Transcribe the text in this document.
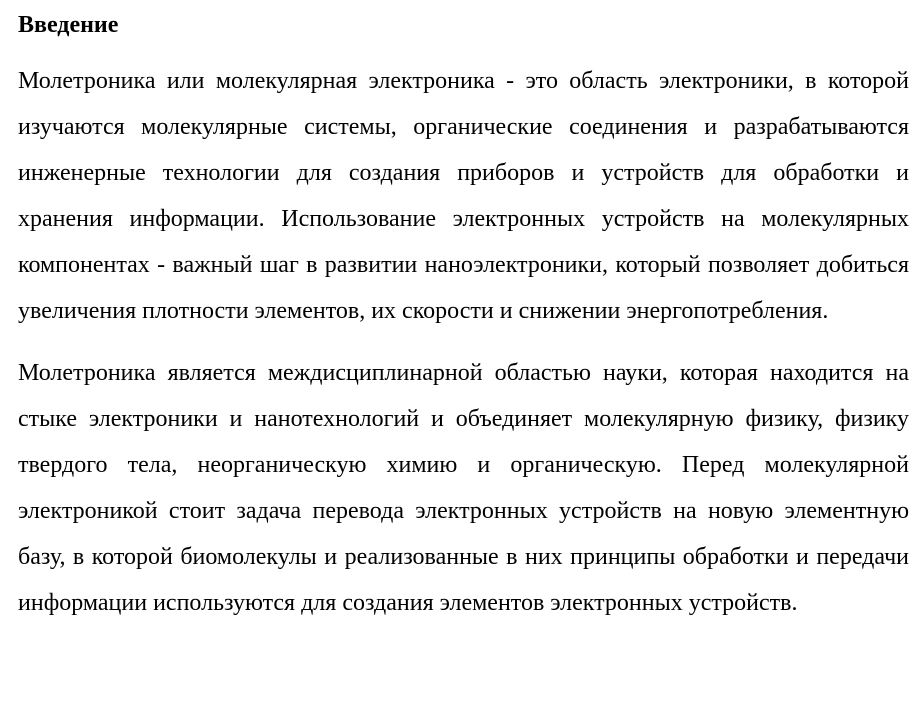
Введение

Молетроника или молекулярная электроника - это область электроники, в которой изучаются молекулярные системы, органические соединения и разрабатываются инженерные технологии для создания приборов и устройств для обработки и хранения информации. Использование электронных устройств на молекулярных компонентах - важный шаг в развитии наноэлектроники, который позволяет добиться увеличения плотности элементов, их скорости и снижении энергопотребления.

Молетроника является междисциплинарной областью науки, которая находится на стыке электроники и нанотехнологий и объединяет молекулярную физику, физику твердого тела, неорганическую химию и органическую. Перед молекулярной электроникой стоит задача перевода электронных устройств на новую элементную базу, в которой биомолекулы и реализованные в них принципы обработки и передачи информации используются для создания элементов электронных устройств.
